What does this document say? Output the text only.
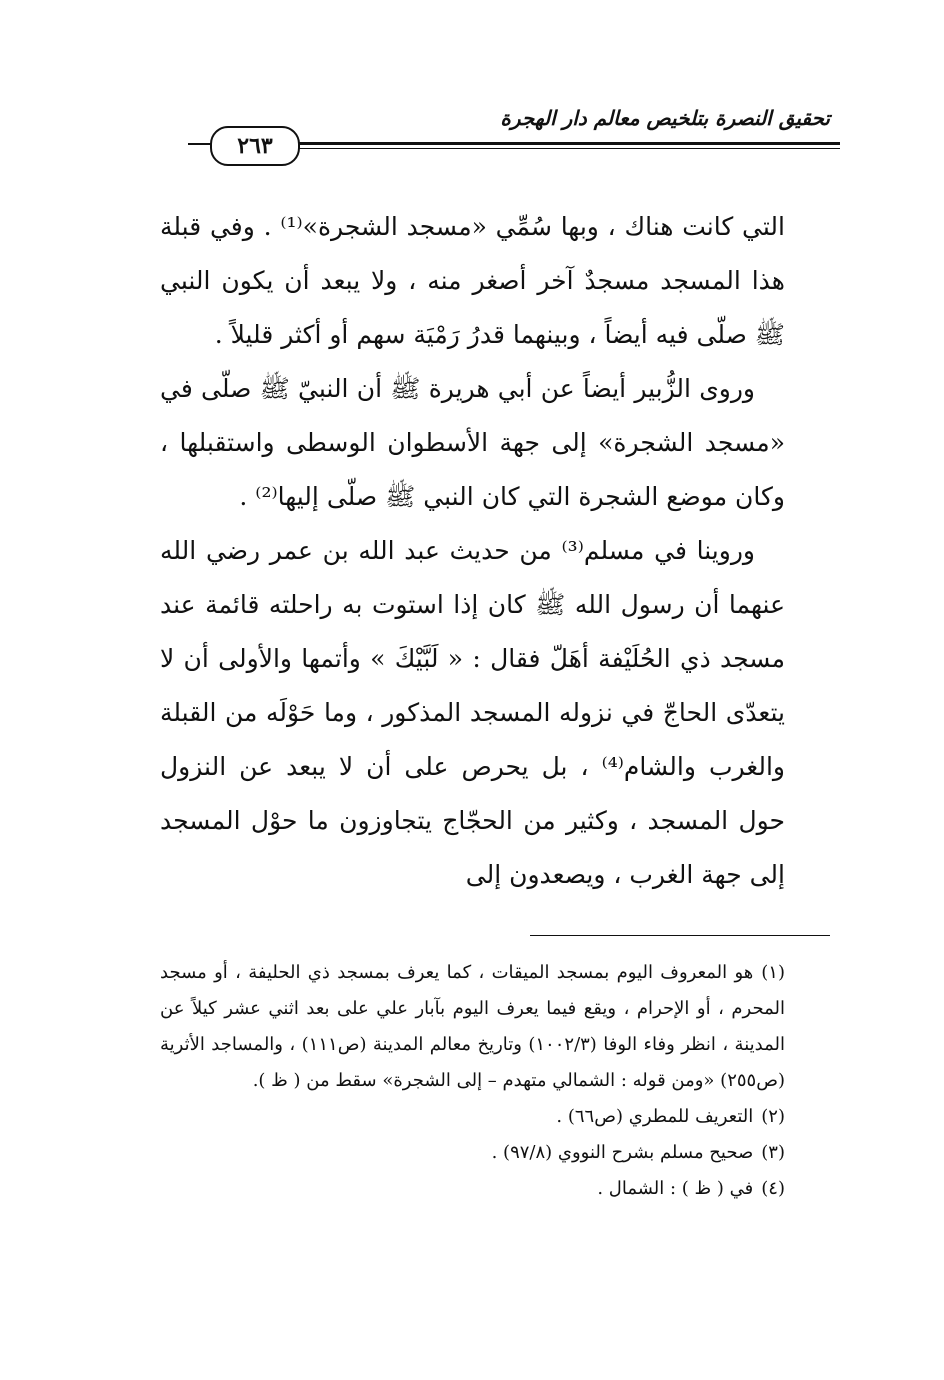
تحقيق النصرة بتلخيص معالم دار الهجرة
٢٦٣

التي كانت هناك ، وبها سُمِّي «مسجد الشجرة»⁽¹⁾ . وفي قبلة هذا المسجد مسجدٌ آخر أصغر منه ، ولا يبعد أن يكون النبي ﷺ صلّى فيه أيضاً ، وبينهما قدرُ رَمْيَة سهم أو أكثر قليلاً .

وروى الزُّبير أيضاً عن أبي هريرة ﷺ أن النبيّ ﷺ صلّى في «مسجد الشجرة» إلى جهة الأسطوان الوسطى واستقبلها ، وكان موضع الشجرة التي كان النبي ﷺ صلّى إليها⁽²⁾ .

وروينا في مسلم⁽³⁾ من حديث عبد الله بن عمر رضي الله عنهما أن رسول الله ﷺ كان إذا استوت به راحلته قائمة عند مسجد ذي الحُلَيْفة أهَلّ فقال : « لَبَّيْكَ » وأتمها والأولى أن لا يتعدّى الحاجّ في نزوله المسجد المذكور ، وما حَوْلَه من القبلة والغرب والشام⁽⁴⁾ ، بل يحرص على أن لا يبعد عن النزول حول المسجد ، وكثير من الحجّاج يتجاوزون ما حوْل المسجد إلى جهة الغرب ، ويصعدون إلى

(١)هو المعروف اليوم بمسجد الميقات ، كما يعرف بمسجد ذي الحليفة ، أو مسجد المحرم ، أو الإحرام ، ويقع فيما يعرف اليوم بآبار علي على بعد اثني عشر كيلاً عن المدينة ، انظر وفاء الوفا (١٠٠٢/٣) وتاريخ معالم المدينة (ص١١١) ، والمساجد الأثرية (ص٢٥٥) «ومن قوله : الشمالي متهدم – إلى الشجرة» سقط من ( ظ ).

(٢)التعريف للمطري (ص٦٦) .

(٣)صحيح مسلم بشرح النووي (٩٧/٨) .

(٤)في ( ظ ) : الشمال .
